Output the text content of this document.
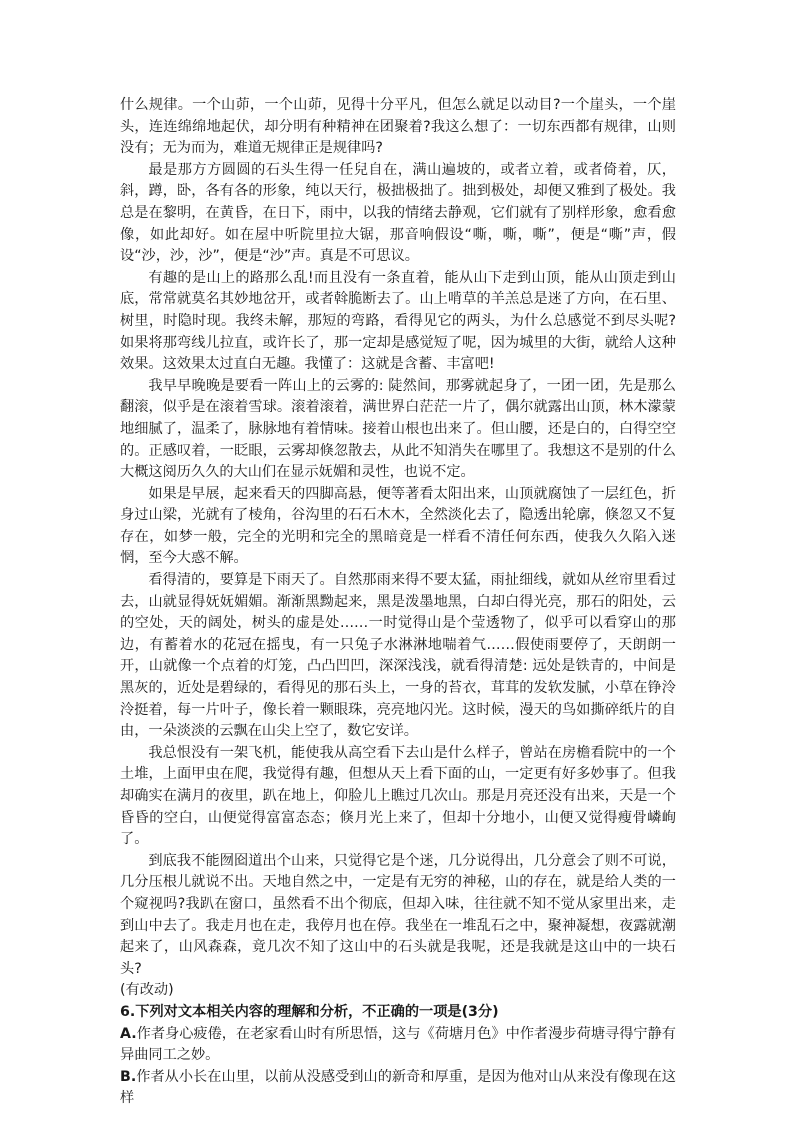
什么规律。一个山茆，一个山茆，见得十分平凡，但怎么就足以动目?一个崖头，一个崖头，连连绵绵地起伏，却分明有种精神在团聚着?我这么想了：一切东西都有规律，山则没有；无为而为，难道无规律正是规律吗?

最是那方方圆圆的石头生得一任兒自在，满山遍坡的，或者立着，或者倚着，仄，斜，蹲，卧，各有各的形象，纯以天行，极拙极拙了。拙到极处，却便又雅到了极处。我总是在黎明，在黄昏，在日下，雨中，以我的情绪去静观，它们就有了别样形象，愈看愈像，如此却好。如在屋中听院里拉大锯，那音响假设“嘶，嘶，嘶”，便是“嘶”声，假设“沙，沙，沙”，便是“沙”声。真是不可思议。

有趣的是山上的路那么乱!而且没有一条直着，能从山下走到山顶，能从山顶走到山底，常常就莫名其妙地岔开，或者斡脆断去了。山上啃草的羊羔总是迷了方向，在石里、树里，时隐时现。我终未解，那短的弯路，看得见它的两头，为什么总感觉不到尽头呢?如果将那弯线儿拉直，或许长了，那一定却是感觉短了呢，因为城里的大街，就给人这种效果。这效果太过直白无趣。我懂了：这就是含蓄、丰富吧!

我早早晚晚是要看一阵山上的云雾的: 陡然间，那雾就起身了，一团一团，先是那么翻滚，似乎是在滚着雪球。滚着滚着，满世界白茫茫一片了，偶尔就露出山顶，林木濛蒙地细腻了，温柔了，脉脉地有着情味。接着山根也出来了。但山腰，还是白的，白得空空的。正感叹着，一眨眼，云雾却倏忽散去，从此不知消失在哪里了。我想这不是别的什么大概这阅历久久的大山们在显示妩媚和灵性，也说不定。

如果是早展，起来看天的四脚高悬，便等著看太阳出来，山顶就腐蚀了一层红色，折身过山梁，光就有了棱角，谷沟里的石石木木，全然淡化去了，隐透出轮廓，倏忽又不复存在，如梦一般，完全的光明和完全的黑暗竟是一样看不清任何东西，使我久久陷入迷惘，至今大惑不解。

看得清的，要算是下雨天了。自然那雨来得不要太猛，雨扯细线，就如从丝帘里看过去，山就显得妩妩媚媚。渐渐黑黝起来，黑是泼墨地黑，白却白得光亮，那石的阳处，云的空处，天的阔处，树头的虚是处……一时觉得山是个莹透物了，似乎可以看穿山的那边，有蓄着水的花冠在摇曳，有一只兔子水淋淋地喘着气……假使雨要停了，天朗朗一开，山就像一个点着的灯笼，凸凸凹凹，深深浅浅，就看得清楚: 远处是铁青的，中间是黑灰的，近处是碧绿的，看得见的那石头上，一身的苔衣，茸茸的发软发腻，小草在铮泠泠挺着，每一片叶子，像长着一颗眼珠，亮亮地闪光。这时候，漫天的鸟如撕碎纸片的自由，一朵淡淡的云飘在山尖上空了，数它安详。

我总恨没有一架飞机，能使我从高空看下去山是什么样子，曾站在房檐看院中的一个土堆，上面甲虫在爬，我觉得有趣，但想从天上看下面的山，一定更有好多妙事了。但我却确实在满月的夜里，趴在地上，仰脸儿上瞧过几次山。那是月亮还没有出来，天是一个昏昏的空白，山便觉得富富态态；倏月光上来了，但却十分地小，山便又觉得瘦骨嶙峋了。

到底我不能囫囵道出个山来，只觉得它是个迷，几分说得出，几分意会了则不可说，几分压根儿就说不出。天地自然之中，一定是有无穷的神秘，山的存在，就是给人类的一个窥视吗?我趴在窗口，虽然看不出个彻底，但却入味，往往就不知不觉从家里出来，走到山中去了。我走月也在走，我停月也在停。我坐在一堆乱石之中，聚神凝想，夜露就潮起来了，山风森森，竟几次不知了这山中的石头就是我呢，还是我就是这山中的一块石头?

(有改动)

6.下列对文本相关内容的理解和分析，不正确的一项是(3分)

A.作者身心疲倦，在老家看山时有所思悟，这与《荷塘月色》中作者漫步荷塘寻得宁静有异曲同工之妙。

B.作者从小长在山里，以前从没感受到山的新奇和厚重，是因为他对山从来没有像现在这样
